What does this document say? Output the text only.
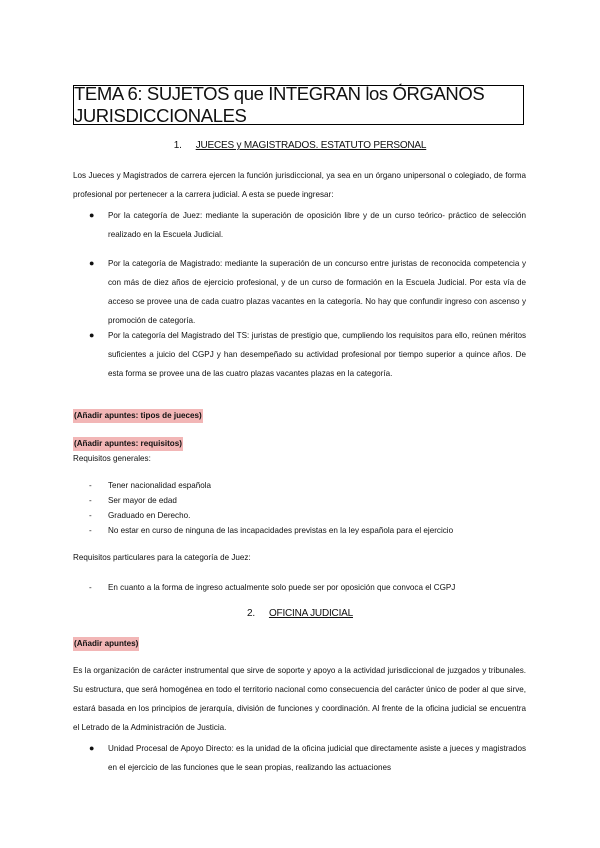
TEMA 6: SUJETOS que INTEGRAN los ÓRGANOS JURISDICCIONALES
1. JUECES y MAGISTRADOS. ESTATUTO PERSONAL
Los Jueces y Magistrados de carrera ejercen la función jurisdiccional, ya sea en un órgano unipersonal o colegiado, de forma profesional por pertenecer a la carrera judicial. A esta se puede ingresar:
● Por la categoría de Juez: mediante la superación de oposición libre y de un curso teórico- práctico de selección realizado en la Escuela Judicial.
● Por la categoría de Magistrado: mediante la superación de un concurso entre juristas de reconocida competencia y con más de diez años de ejercicio profesional, y de un curso de formación en la Escuela Judicial. Por esta vía de acceso se provee una de cada cuatro plazas vacantes en la categoría. No hay que confundir ingreso con ascenso y promoción de categoría.
● Por la categoría del Magistrado del TS: juristas de prestigio que, cumpliendo los requisitos para ello, reúnen méritos suficientes a juicio del CGPJ y han desempeñado su actividad profesional por tiempo superior a quince años. De esta forma se provee una de las cuatro plazas vacantes plazas en la categoría.
(Añadir apuntes: tipos de jueces)
(Añadir apuntes: requisitos)
Requisitos generales:
- Tener nacionalidad española
- Ser mayor de edad
- Graduado en Derecho.
- No estar en curso de ninguna de las incapacidades previstas en la ley española para el ejercicio
Requisitos particulares para la categoría de Juez:
- En cuanto a la forma de ingreso actualmente solo puede ser por oposición que convoca el CGPJ
2. OFICINA JUDICIAL
(Añadir apuntes)
Es la organización de carácter instrumental que sirve de soporte y apoyo a la actividad jurisdiccional de juzgados y tribunales. Su estructura, que será homogénea en todo el territorio nacional como consecuencia del carácter único de poder al que sirve, estará basada en los principios de jerarquía, división de funciones y coordinación. Al frente de la oficina judicial se encuentra el Letrado de la Administración de Justicia.
● Unidad Procesal de Apoyo Directo: es la unidad de la oficina judicial que directamente asiste a jueces y magistrados en el ejercicio de las funciones que le sean propias, realizando las actuaciones
